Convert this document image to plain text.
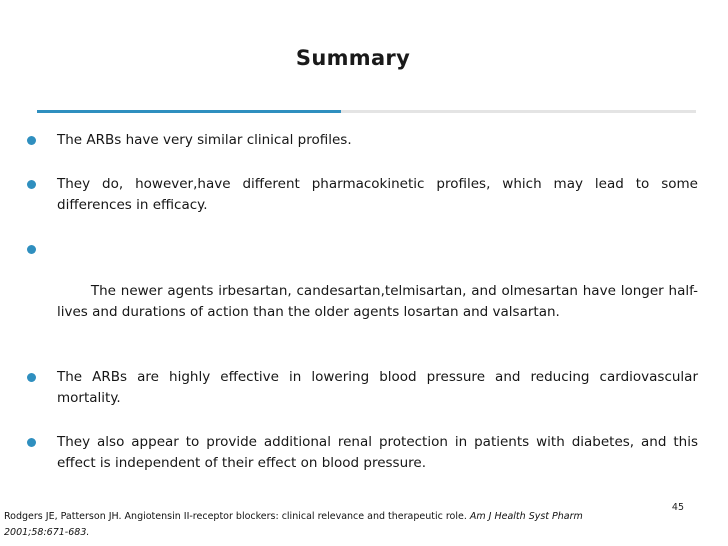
Summary
The ARBs have very similar clinical profiles.
They do, however,have different pharmacokinetic profiles, which may lead to some differences in efficacy.

The newer agents irbesartan, candesartan,telmisartan, and olmesartan have longer half-lives and durations of action than the older agents losartan and valsartan.

The ARBs are highly effective in lowering blood pressure and reducing cardiovascular mortality.
They also appear to provide additional renal protection in patients with diabetes, and this effect is independent of their effect on blood pressure.
45
Rodgers JE, Patterson JH. Angiotensin II-receptor blockers: clinical relevance and therapeutic role. Am J Health Syst Pharm 2001;58:671-683.
